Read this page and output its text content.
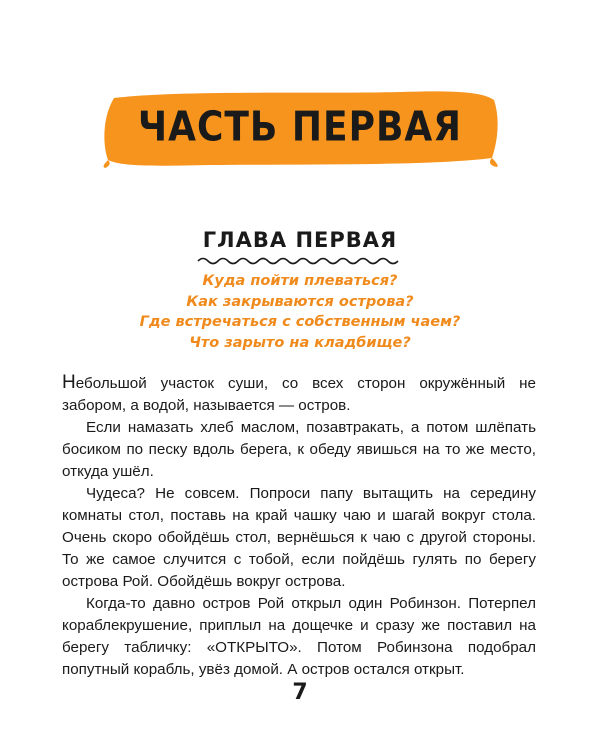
ЧАСТЬ ПЕРВАЯ
ГЛАВА ПЕРВАЯ
Куда пойти плеваться?
Как закрываются острова?
Где встречаться с собственным чаем?
Что зарыто на кладбище?

Небольшой участок суши, со всех сторон окружённый не забором, а водой, называется — остров.

Если намазать хлеб маслом, позавтракать, а потом шлёпать босиком по песку вдоль берега, к обеду явишься на то же место, откуда ушёл.

Чудеса? Не совсем. Попроси папу вытащить на середину комнаты стол, поставь на край чашку чаю и шагай вокруг стола. Очень скоро обойдёшь стол, вернёшься к чаю с другой стороны. То же самое случится с тобой, если пойдёшь гулять по берегу острова Рой. Обойдёшь вокруг острова.

Когда-то давно остров Рой открыл один Робинзон. Потерпел кораблекрушение, приплыл на дощечке и сразу же поставил на берегу табличку: «ОТКРЫТО». Потом Робинзона подобрал попутный корабль, увёз домой. А остров остался открыт.

7
